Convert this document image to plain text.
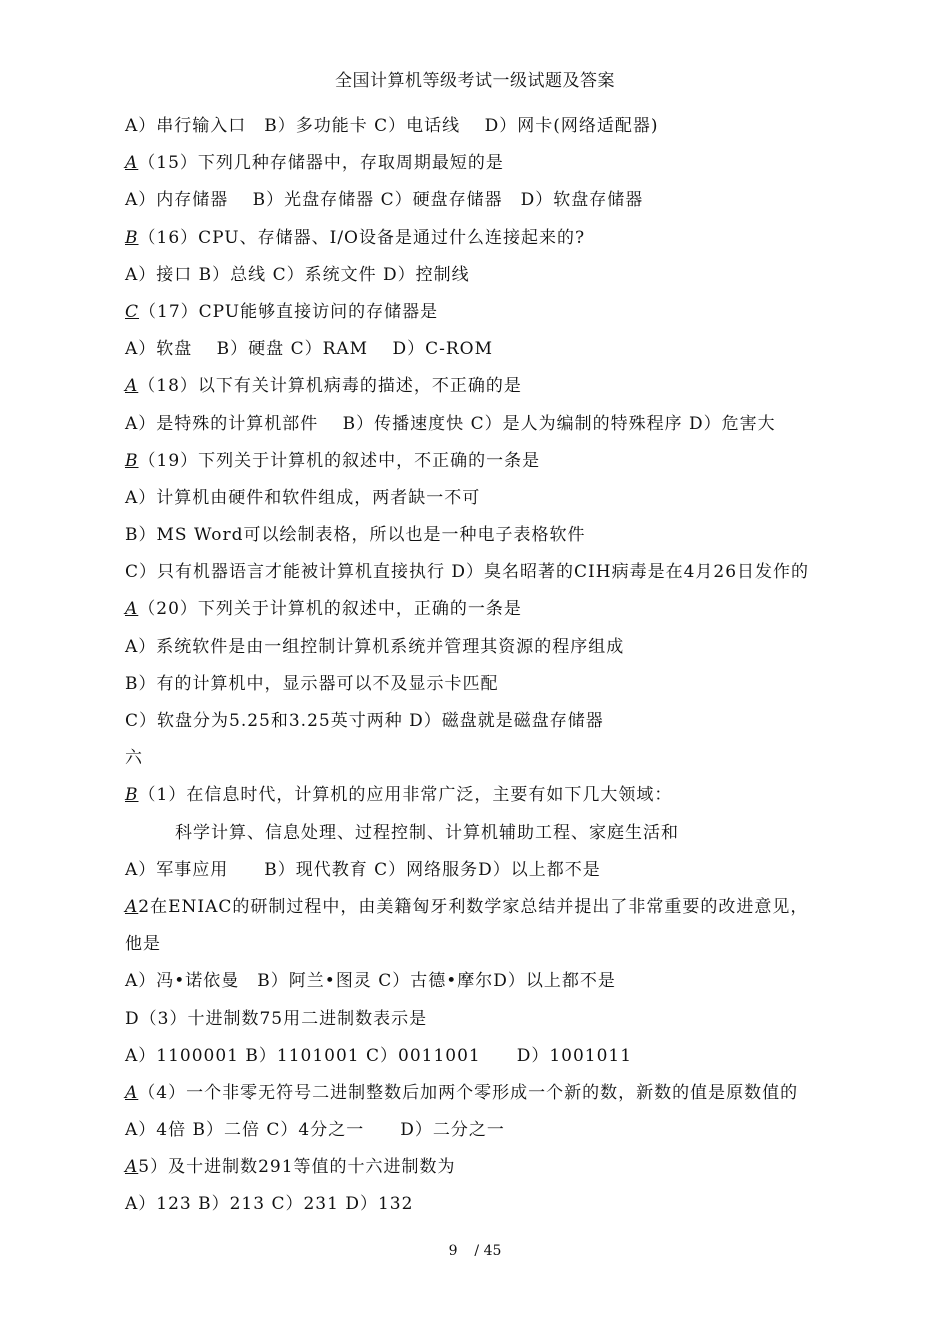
全国计算机等级考试一级试题及答案
A）串行输入口　B）多功能卡 C）电话线　 D）网卡(网络适配器)
A（15）下列几种存储器中，存取周期最短的是
A）内存储器　 B）光盘存储器 C）硬盘存储器　D）软盘存储器
B（16）CPU、存储器、I/O设备是通过什么连接起来的?
A）接口 B）总线 C）系统文件 D）控制线
C（17）CPU能够直接访问的存储器是
A）软盘　 B）硬盘 C）RAM　 D）C-ROM
A（18）以下有关计算机病毒的描述，不正确的是
A）是特殊的计算机部件　 B）传播速度快 C）是人为编制的特殊程序 D）危害大
B（19）下列关于计算机的叙述中，不正确的一条是
A）计算机由硬件和软件组成，两者缺一不可
B）MS Word可以绘制表格，所以也是一种电子表格软件
C）只有机器语言才能被计算机直接执行 D）臭名昭著的CIH病毒是在4月26日发作的
A（20）下列关于计算机的叙述中，正确的一条是
A）系统软件是由一组控制计算机系统并管理其资源的程序组成
B）有的计算机中，显示器可以不及显示卡匹配
C）软盘分为5.25和3.25英寸两种 D）磁盘就是磁盘存储器
六
B（1）在信息时代，计算机的应用非常广泛，主要有如下几大领域：
科学计算、信息处理、过程控制、计算机辅助工程、家庭生活和
A）军事应用　　B）现代教育 C）网络服务D）以上都不是
A2在ENIAC的研制过程中，由美籍匈牙利数学家总结并提出了非常重要的改进意见，
他是
A）冯•诺依曼　B）阿兰•图灵 C）古德•摩尔D）以上都不是
D（3）十进制数75用二进制数表示是
A）1100001 B）1101001 C）0011001　　D）1001011
A（4）一个非零无符号二进制整数后加两个零形成一个新的数，新数的值是原数值的
A）4倍 B）二倍 C）4分之一　　D）二分之一
A5）及十进制数291等值的十六进制数为
A）123 B）213 C）231 D）132
9 / 45
